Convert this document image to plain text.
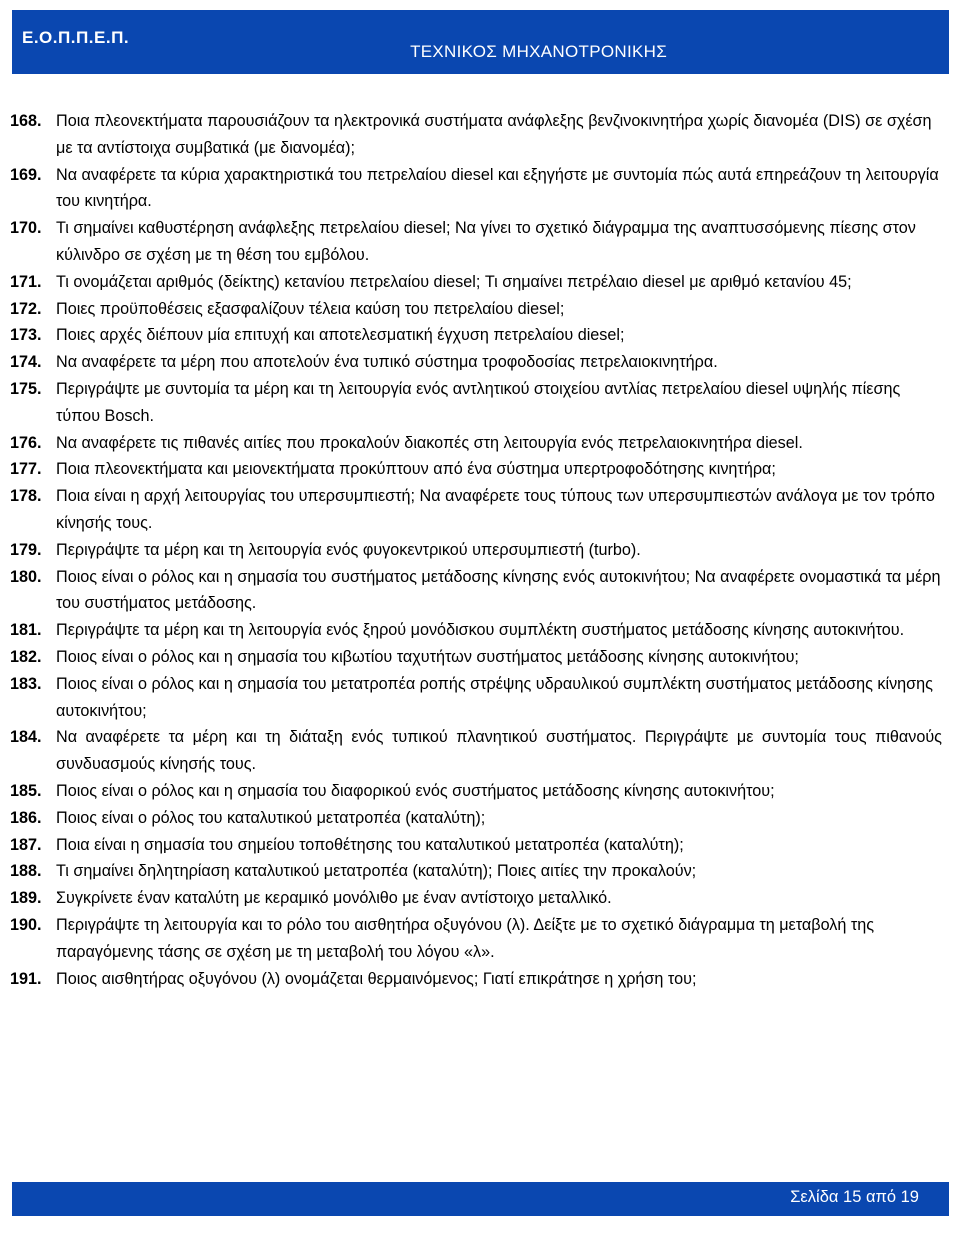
Ε.Ο.Π.Π.Ε.Π.
ΤΕΧΝΙΚΟΣ ΜΗΧΑΝΟΤΡΟΝΙΚΗΣ

168. Ποια πλεονεκτήματα παρουσιάζουν τα ηλεκτρονικά συστήματα ανάφλεξης βενζινοκινητήρα χωρίς διανομέα (DIS) σε σχέση με τα αντίστοιχα συμβατικά (με διανομέα);

169. Να αναφέρετε τα κύρια χαρακτηριστικά του πετρελαίου diesel και εξηγήστε με συντομία πώς αυτά επηρεάζουν τη λειτουργία του κινητήρα.

170. Τι σημαίνει καθυστέρηση ανάφλεξης πετρελαίου diesel; Να γίνει το σχετικό διάγραμμα της αναπτυσσόμενης πίεσης στον κύλινδρο σε σχέση με τη θέση του εμβόλου.

171. Τι ονομάζεται αριθμός (δείκτης) κετανίου πετρελαίου diesel; Τι σημαίνει πετρέλαιο diesel με αριθμό κετανίου 45;

172. Ποιες προϋποθέσεις εξασφαλίζουν τέλεια καύση του πετρελαίου diesel;

173. Ποιες αρχές διέπουν μία επιτυχή και αποτελεσματική έγχυση πετρελαίου diesel;

174. Να αναφέρετε τα μέρη που αποτελούν ένα τυπικό σύστημα τροφοδοσίας πετρελαιοκινητήρα.

175. Περιγράψτε με συντομία τα μέρη και τη λειτουργία ενός αντλητικού στοιχείου αντλίας πετρελαίου diesel υψηλής πίεσης τύπου Bosch.

176. Να αναφέρετε τις πιθανές αιτίες που προκαλούν διακοπές στη λειτουργία ενός πετρελαιοκινητήρα diesel.

177. Ποια πλεονεκτήματα και μειονεκτήματα προκύπτουν από ένα σύστημα υπερτροφοδότησης κινητήρα;

178. Ποια είναι η αρχή λειτουργίας του υπερσυμπιεστή; Να αναφέρετε τους τύπους των υπερσυμπιεστών ανάλογα με τον τρόπο κίνησής τους.

179. Περιγράψτε τα μέρη και τη λειτουργία ενός φυγοκεντρικού υπερσυμπιεστή (turbo).

180. Ποιος είναι ο ρόλος και η σημασία του συστήματος μετάδοσης κίνησης ενός αυτοκινήτου; Να αναφέρετε ονομαστικά τα μέρη του συστήματος μετάδοσης.

181. Περιγράψτε τα μέρη και τη λειτουργία ενός ξηρού μονόδισκου συμπλέκτη συστήματος μετάδοσης κίνησης αυτοκινήτου.

182. Ποιος είναι ο ρόλος και η σημασία του κιβωτίου ταχυτήτων συστήματος μετάδοσης κίνησης αυτοκινήτου;

183. Ποιος είναι ο ρόλος και η σημασία του μετατροπέα ροπής στρέψης υδραυλικού συμπλέκτη συστήματος μετάδοσης κίνησης αυτοκινήτου;

184. Να αναφέρετε τα μέρη και τη διάταξη ενός τυπικού πλανητικού συστήματος. Περιγράψτε με συντομία τους πιθανούς συνδυασμούς κίνησής τους.

185. Ποιος είναι ο ρόλος και η σημασία του διαφορικού ενός συστήματος μετάδοσης κίνησης αυτοκινήτου;

186. Ποιος είναι ο ρόλος του καταλυτικού μετατροπέα (καταλύτη);

187. Ποια είναι η σημασία του σημείου τοποθέτησης του καταλυτικού μετατροπέα (καταλύτη);

188. Τι σημαίνει δηλητηρίαση καταλυτικού μετατροπέα (καταλύτη); Ποιες αιτίες την προκαλούν;

189. Συγκρίνετε έναν καταλύτη με κεραμικό μονόλιθο με έναν αντίστοιχο μεταλλικό.

190. Περιγράψτε τη λειτουργία και το ρόλο του αισθητήρα οξυγόνου (λ). Δείξτε με το σχετικό διάγραμμα τη μεταβολή της παραγόμενης τάσης σε σχέση με τη μεταβολή του λόγου «λ».

191. Ποιος αισθητήρας οξυγόνου (λ) ονομάζεται θερμαινόμενος; Γιατί επικράτησε η χρήση του;

Σελίδα 15 από 19
